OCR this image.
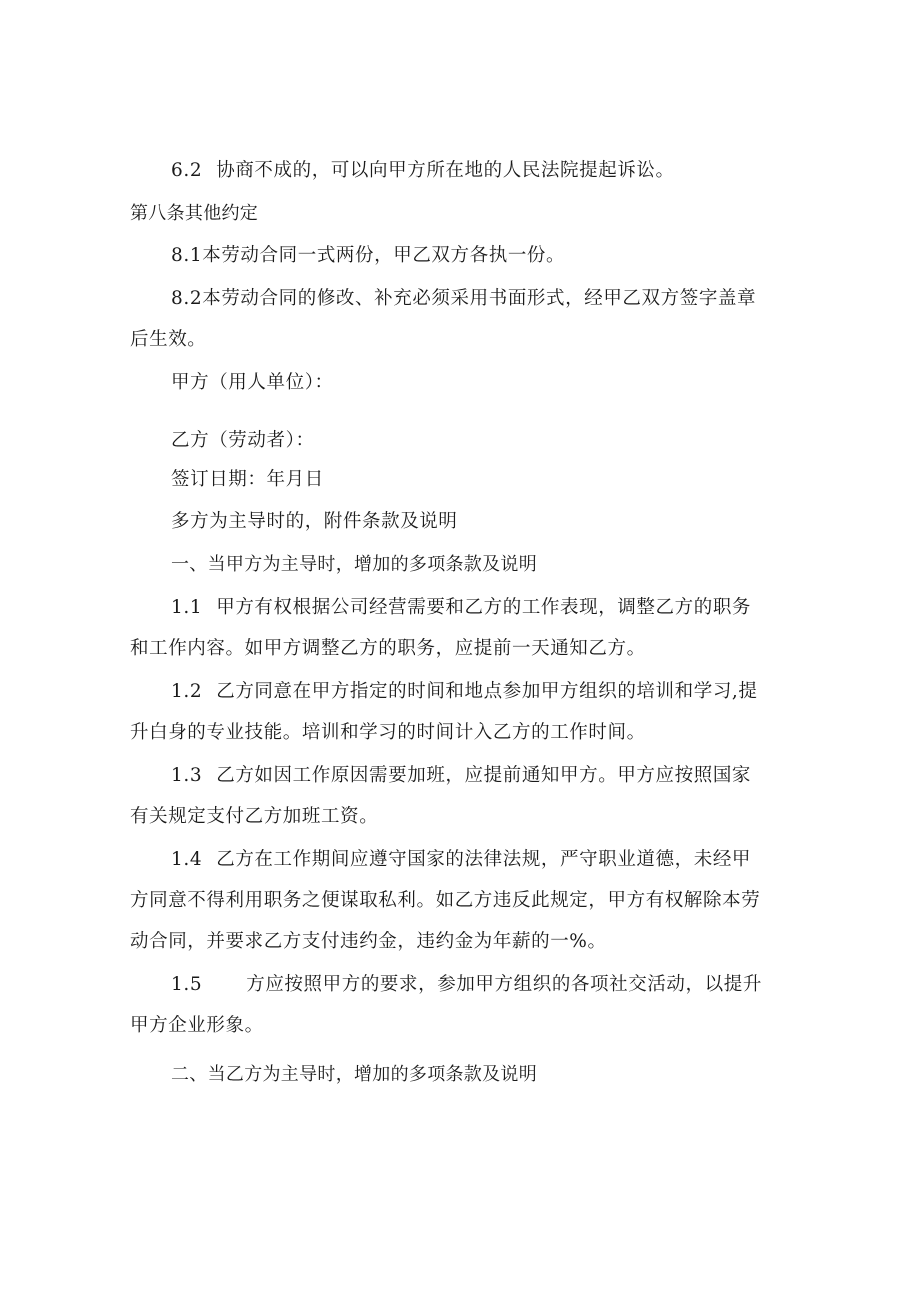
6.2 协商不成的，可以向甲方所在地的人民法院提起诉讼。
第八条其他约定
8.1本劳动合同一式两份，甲乙双方各执一份。
8.2本劳动合同的修改、补充必须采用书面形式，经甲乙双方签字盖章
后生效。
甲方（用人单位）：
乙方（劳动者）：
签订日期：年月日
多方为主导时的，附件条款及说明
一、当甲方为主导时，增加的多项条款及说明
1.1 甲方有权根据公司经营需要和乙方的工作表现，调整乙方的职务
和工作内容。如甲方调整乙方的职务，应提前一天通知乙方。
1.2 乙方同意在甲方指定的时间和地点参加甲方组织的培训和学习,提
升白身的专业技能。培训和学习的时间计入乙方的工作时间。
1.3 乙方如因工作原因需要加班，应提前通知甲方。甲方应按照国家
有关规定支付乙方加班工资。
1.4 乙方在工作期间应遵守国家的法律法规，严守职业道德，未经甲
方同意不得利用职务之便谋取私利。如乙方违反此规定，甲方有权解除本劳
动合同，并要求乙方支付违约金，违约金为年薪的一%。
1.5 方应按照甲方的要求，参加甲方组织的各项社交活动，以提升
甲方企业形象。
二、当乙方为主导时，增加的多项条款及说明
